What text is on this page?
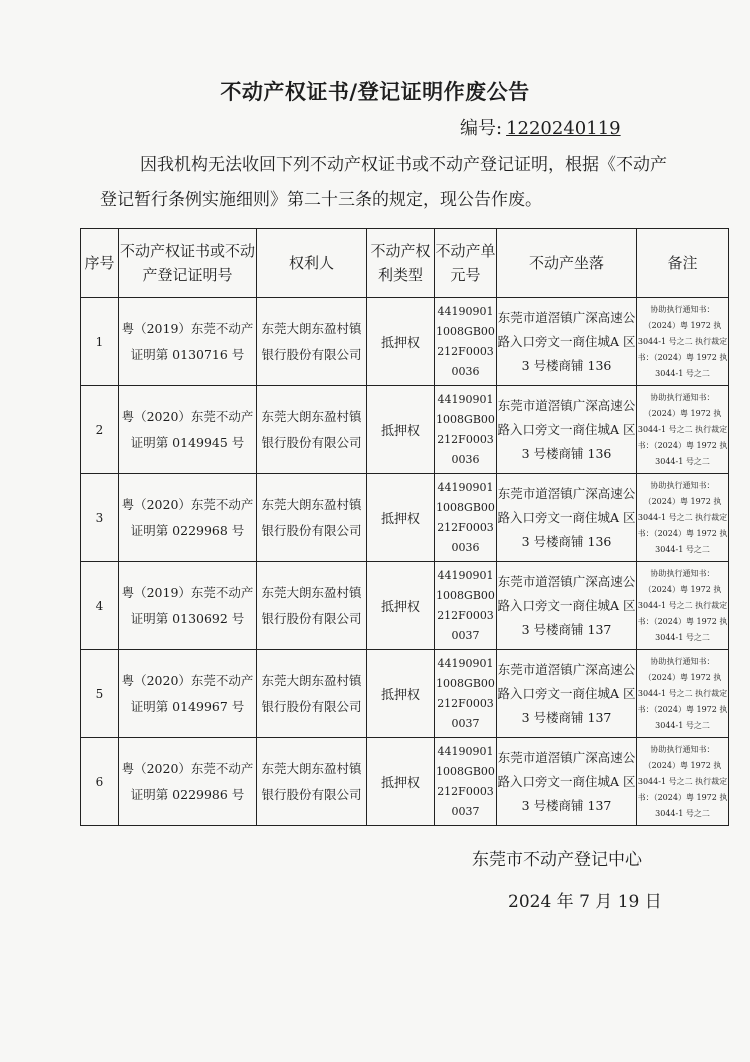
不动产权证书/登记证明作废公告
编号: 1220240119
因我机构无法收回下列不动产权证书或不动产登记证明，根据《不动产登记暂行条例实施细则》第二十三条的规定，现公告作废。
序号	不动产权证书或不动产登记证明号	权利人	不动产权利类型	不动产单元号	不动产坐落	备注
1	粤（2019）东莞不动产证明第 0130716 号	东莞大朗东盈村镇银行股份有限公司	抵押权	441909011008GB00212F00030036	东莞市道滘镇广深高速公路入口旁文一商住城A 区 3 号楼商铺 136	协助执行通知书：（2024）粤 1972 执 3044-1 号之二 执行裁定书：（2024）粤 1972 执 3044-1 号之二
2	粤（2020）东莞不动产证明第 0149945 号	东莞大朗东盈村镇银行股份有限公司	抵押权	441909011008GB00212F00030036	东莞市道滘镇广深高速公路入口旁文一商住城A 区 3 号楼商铺 136	协助执行通知书：（2024）粤 1972 执 3044-1 号之二 执行裁定书：（2024）粤 1972 执 3044-1 号之二
3	粤（2020）东莞不动产证明第 0229968 号	东莞大朗东盈村镇银行股份有限公司	抵押权	441909011008GB00212F00030036	东莞市道滘镇广深高速公路入口旁文一商住城A 区 3 号楼商铺 136	协助执行通知书：（2024）粤 1972 执 3044-1 号之二 执行裁定书：（2024）粤 1972 执 3044-1 号之二
4	粤（2019）东莞不动产证明第 0130692 号	东莞大朗东盈村镇银行股份有限公司	抵押权	441909011008GB00212F00030037	东莞市道滘镇广深高速公路入口旁文一商住城A 区 3 号楼商铺 137	协助执行通知书：（2024）粤 1972 执 3044-1 号之二 执行裁定书：（2024）粤 1972 执 3044-1 号之二
5	粤（2020）东莞不动产证明第 0149967 号	东莞大朗东盈村镇银行股份有限公司	抵押权	441909011008GB00212F00030037	东莞市道滘镇广深高速公路入口旁文一商住城A 区 3 号楼商铺 137	协助执行通知书：（2024）粤 1972 执 3044-1 号之二 执行裁定书：（2024）粤 1972 执 3044-1 号之二
6	粤（2020）东莞不动产证明第 0229986 号	东莞大朗东盈村镇银行股份有限公司	抵押权	441909011008GB00212F00030037	东莞市道滘镇广深高速公路入口旁文一商住城A 区 3 号楼商铺 137	协助执行通知书：（2024）粤 1972 执 3044-1 号之二 执行裁定书：（2024）粤 1972 执 3044-1 号之二
东莞市不动产登记中心
2024 年 7 月 19 日
